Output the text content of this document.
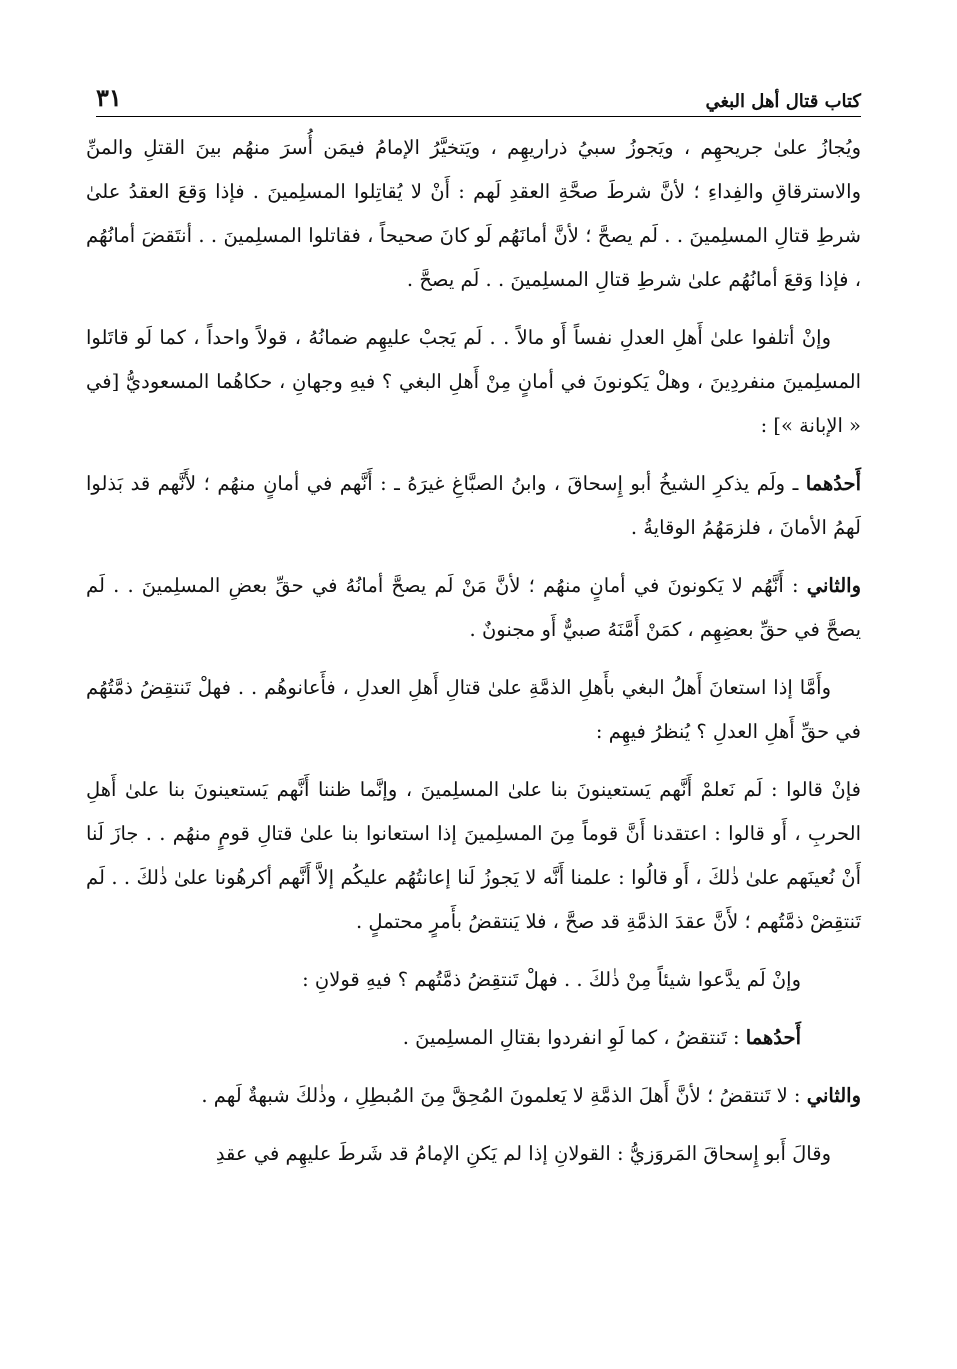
كتاب قتال أهل البغي
٣١

ويُجازُ علىٰ جريحهِم ، ويَجوزُ سبيُ ذراريهِم ، ويَتخيَّرُ الإمامُ فيمَن أُسرَ منهُم بينَ القتلِ والمنِّ والاسترقاقِ والفِداءِ ؛ لأنَّ شرطَ صحَّةِ العقدِ لَهم : أَنْ لا يُقاتِلوا المسلِمينَ . فإذا وَقعَ العقدُ علىٰ شرطِ قتالِ المسلِمينَ . . لَم يصحَّ ؛ لأنَّ أمانَهُم لَو كانَ صحيحاً ، فقاتلوا المسلِمينَ . . أنتَقضَ أمانُهُم ، فإذا وَقعَ أمانُهُم علىٰ شرطِ قتالِ المسلِمينَ . . لَم يصحَّ .

وإنْ أتلفوا علىٰ أَهلِ العدلِ نفساً أَو مالاً . . لَم يَجبْ عليهِم ضمانُهُ ، قولاً واحداً ، كما لَو قاتَلوا المسلِمينَ منفردِينَ ، وهلْ يَكونونَ في أمانٍ مِنْ أَهلِ البغي ؟ فيهِ وجهانِ ، حكاهُما المسعوديُّ [في « الإبانة »] :

أَحدُهما ـ ولَم يذكرِ الشيخُ أبو إِسحاقَ ، وابنُ الصبَّاغِ غيرَهُ ـ : أَنَّهم في أمانٍ منهُم ؛ لأَنَّهم قد بَذلوا لَهمُ الأمانَ ، فلزمَهُمُ الوقايةُ .

والثاني : أَنَّهُم لا يَكونونَ في أمانٍ منهُم ؛ لأنَّ مَنْ لَم يصحَّ أمانُهُ في حقِّ بعضِ المسلِمينَ . . لَم يصحَّ في حقِّ بعضِهِم ، كمَنْ أَمَّنَهُ صبيٌّ أَو مجنونٌ .

وأَمَّا إذا استعانَ أَهلُ البغي بأَهلِ الذمَّةِ علىٰ قتالِ أَهلِ العدلِ ، فأَعانوهُم . . فهلْ تَنتقِضُ ذمَّتُهُم في حقِّ أَهلِ العدلِ ؟ يُنظرُ فيهِم :

فإنْ قالوا : لَم نَعلمْ أَنَّهم يَستعينونَ بنا علىٰ المسلِمينَ ، وإنَّما ظننا أَنَّهم يَستعينونَ بنا علىٰ أَهلِ الحربِ ، أَو قالوا : اعتقدنا أَنَّ قوماً مِنَ المسلِمينَ إذا استعانوا بنا علىٰ قتالِ قومٍ منهُم . . جازَ لَنا أَنْ نُعينَهم علىٰ ذٰلكَ ، أَو قالُوا : علمنا أَنَّه لا يَجوزُ لَنا إعانتُهُم عليكُم إلاَّ أَنَّهم أكرهُونا علىٰ ذٰلكَ . . لَم تَنتقِضْ ذمَّتُهم ؛ لأَنَّ عقدَ الذمَّةِ قد صحَّ ، فلا يَنتقضُ بأَمرٍ محتملٍ .

وإنْ لَم يدَّعوا شيئاً مِنْ ذٰلكَ . . فهلْ تَنتقِضُ ذمَّتُهم ؟ فيهِ قولانِ :

أَحدُهما : تَنتقضُ ، كما لَوِ انفردوا بقتالِ المسلِمينَ .

والثاني : لا تَنتقضُ ؛ لأنَّ أَهلَ الذمَّةِ لا يَعلمونَ المُحِقَّ مِنَ المُبطِلِ ، وذٰلكَ شبهةٌ لَهم .

وقالَ أَبو إِسحاقَ المَروَزيُّ : القولانِ إذا لم يَكنِ الإمامُ قد شَرطَ عليهِم في عقدِ
